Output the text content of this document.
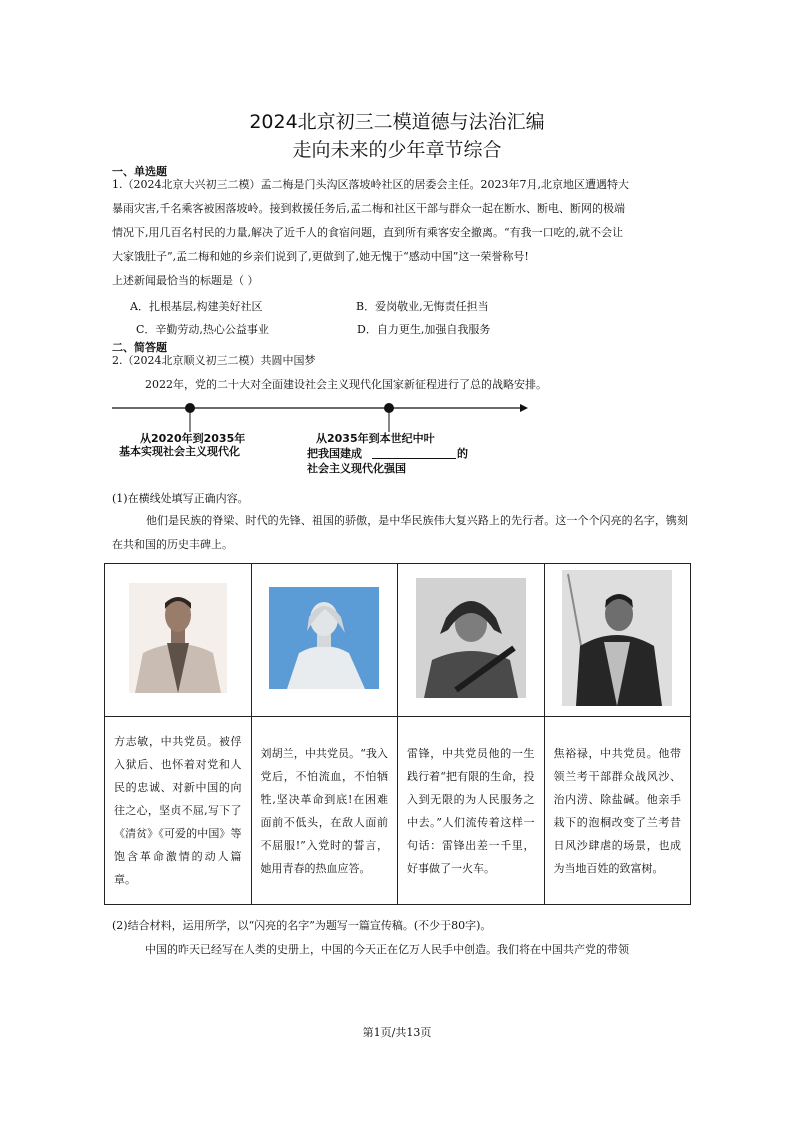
2024北京初三二模道德与法治汇编
走向未来的少年章节综合
一、单选题
1.（2024北京大兴初三二模）孟二梅是门头沟区落坡岭社区的居委会主任。2023年7月,北京地区遭遇特大
暴雨灾害,千名乘客被困落坡岭。接到救援任务后,孟二梅和社区干部与群众一起在断水、断电、断网的极端
情况下,用几百名村民的力量,解决了近千人的食宿问题，直到所有乘客安全撤离。“有我一口吃的,就不会让
大家饿肚子”,孟二梅和她的乡亲们说到了,更做到了,她无愧于“感动中国”这一荣誉称号!
上述新闻最恰当的标题是（ ）
A．扎根基层,构建美好社区	B．爱岗敬业,无悔责任担当
C．辛勤劳动,热心公益事业	D．自力更生,加强自我服务
二、简答题
2.（2024北京顺义初三二模）共圆中国梦
2022年，党的二十大对全面建设社会主义现代化国家新征程进行了总的战略安排。
从2020年到2035年
基本实现社会主义现代化
从2035年到本世纪中叶
把我国建成	的
社会主义现代化强国
(1)在横线处填写正确内容。
他们是民族的脊梁、时代的先锋、祖国的骄傲，是中华民族伟大复兴路上的先行者。这一个个闪亮的名字，镌刻在共和国的历史丰碑上。

方志敏，中共党员。被俘入狱后、也怀着对党和人民的忠诚、对新中国的向往之心，坚贞不屈,写下了《清贫》《可爱的中国》等饱含革命激情的动人篇章。	刘胡兰，中共党员。“我入党后，不怕流血，不怕牺牲,坚决革命到底!在困难面前不低头，在敌人面前不屈服!”入党时的誓言，她用青春的热血应答。	雷锋，中共党员他的一生践行着“把有限的生命，投入到无限的为人民服务之中去。”人们流传着这样一句话：雷锋出差一千里，好事做了一火车。	焦裕禄，中共党员。他带领兰考干部群众战风沙、治内涝、除盐碱。他亲手栽下的泡桐改变了兰考昔日风沙肆虐的场景，也成为当地百姓的致富树。
(2)结合材料，运用所学，以“闪亮的名字”为题写一篇宣传稿。(不少于80字)。
中国的昨天已经写在人类的史册上，中国的今天正在亿万人民手中创造。我们将在中国共产党的带领
第1页/共13页
